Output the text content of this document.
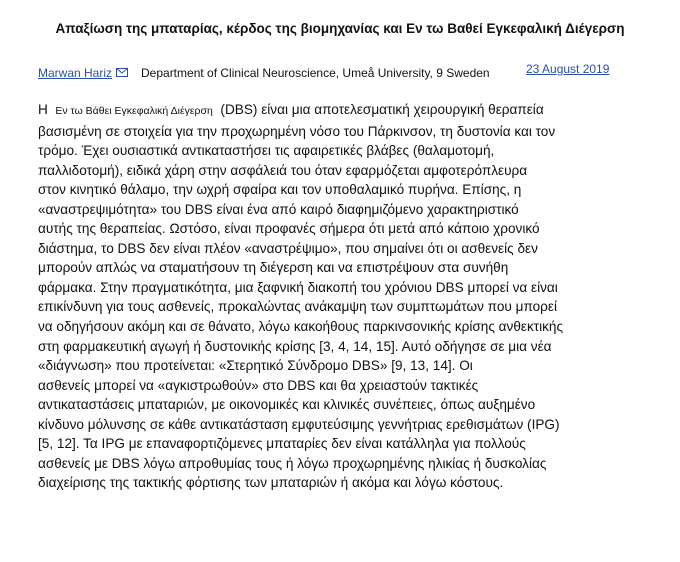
Απαξίωση της μπαταρίας, κέρδος της βιομηχανίας και Εν τω Βαθεί Εγκεφαλική Διέγερση
Marwan Hariz Department of Clinical Neuroscience, Umeå University, 9 Sweden	23 August 2019
Η Εν τω Βάθει Εγκεφαλική Διέγερση (DBS) είναι μια αποτελεσματική χειρουργική θεραπεία
βασισμένη σε στοιχεία για την προχωρημένη νόσο του Πάρκινσον, τη δυστονία και τον
τρόμο. Έχει ουσιαστικά αντικαταστήσει τις αφαιρετικές βλάβες (θαλαμοτομή,
παλλιδοτομή), ειδικά χάρη στην ασφάλειά του όταν εφαρμόζεται αμφοτερόπλευρα
στον κινητικό θάλαμο, την ωχρή σφαίρα και τον υποθαλαμικό πυρήνα. Επίσης, η
«αναστρεψιμότητα» του DBS είναι ένα από καιρό διαφημιζόμενο χαρακτηριστικό
αυτής της θεραπείας. Ωστόσο, είναι προφανές σήμερα ότι μετά από κάποιο χρονικό
διάστημα, το DBS δεν είναι πλέον «αναστρέψιμο», που σημαίνει ότι οι ασθενείς δεν
μπορούν απλώς να σταματήσουν τη διέγερση και να επιστρέψουν στα συνήθη
φάρμακα. Στην πραγματικότητα, μια ξαφνική διακοπή του χρόνιου DBS μπορεί να είναι
επικίνδυνη για τους ασθενείς, προκαλώντας ανάκαμψη των συμπτωμάτων που μπορεί
να οδηγήσουν ακόμη και σε θάνατο, λόγω κακοήθους παρκινσονικής κρίσης ανθεκτικής
στη φαρμακευτική αγωγή ή δυστονικής κρίσης [3, 4, 14, 15]. Αυτό οδήγησε σε μια νέα
«διάγνωση» που προτείνεται: «Στερητικό Σύνδρομο DBS» [9, 13, 14]. Οι
ασθενείς μπορεί να «αγκιστρωθούν» στο DBS και θα χρειαστούν τακτικές
αντικαταστάσεις μπαταριών, με οικονομικές και κλινικές συνέπειες, όπως αυξημένο
κίνδυνο μόλυνσης σε κάθε αντικατάσταση εμφυτεύσιμης γεννήτριας ερεθισμάτων (IPG)
[5, 12]. Τα IPG με επαναφορτιζόμενες μπαταρίες δεν είναι κατάλληλα για πολλούς
ασθενείς με DBS λόγω απροθυμίας τους ή λόγω προχωρημένης ηλικίας ή δυσκολίας
διαχείρισης της τακτικής φόρτισης των μπαταριών ή ακόμα και λόγω κόστους.
